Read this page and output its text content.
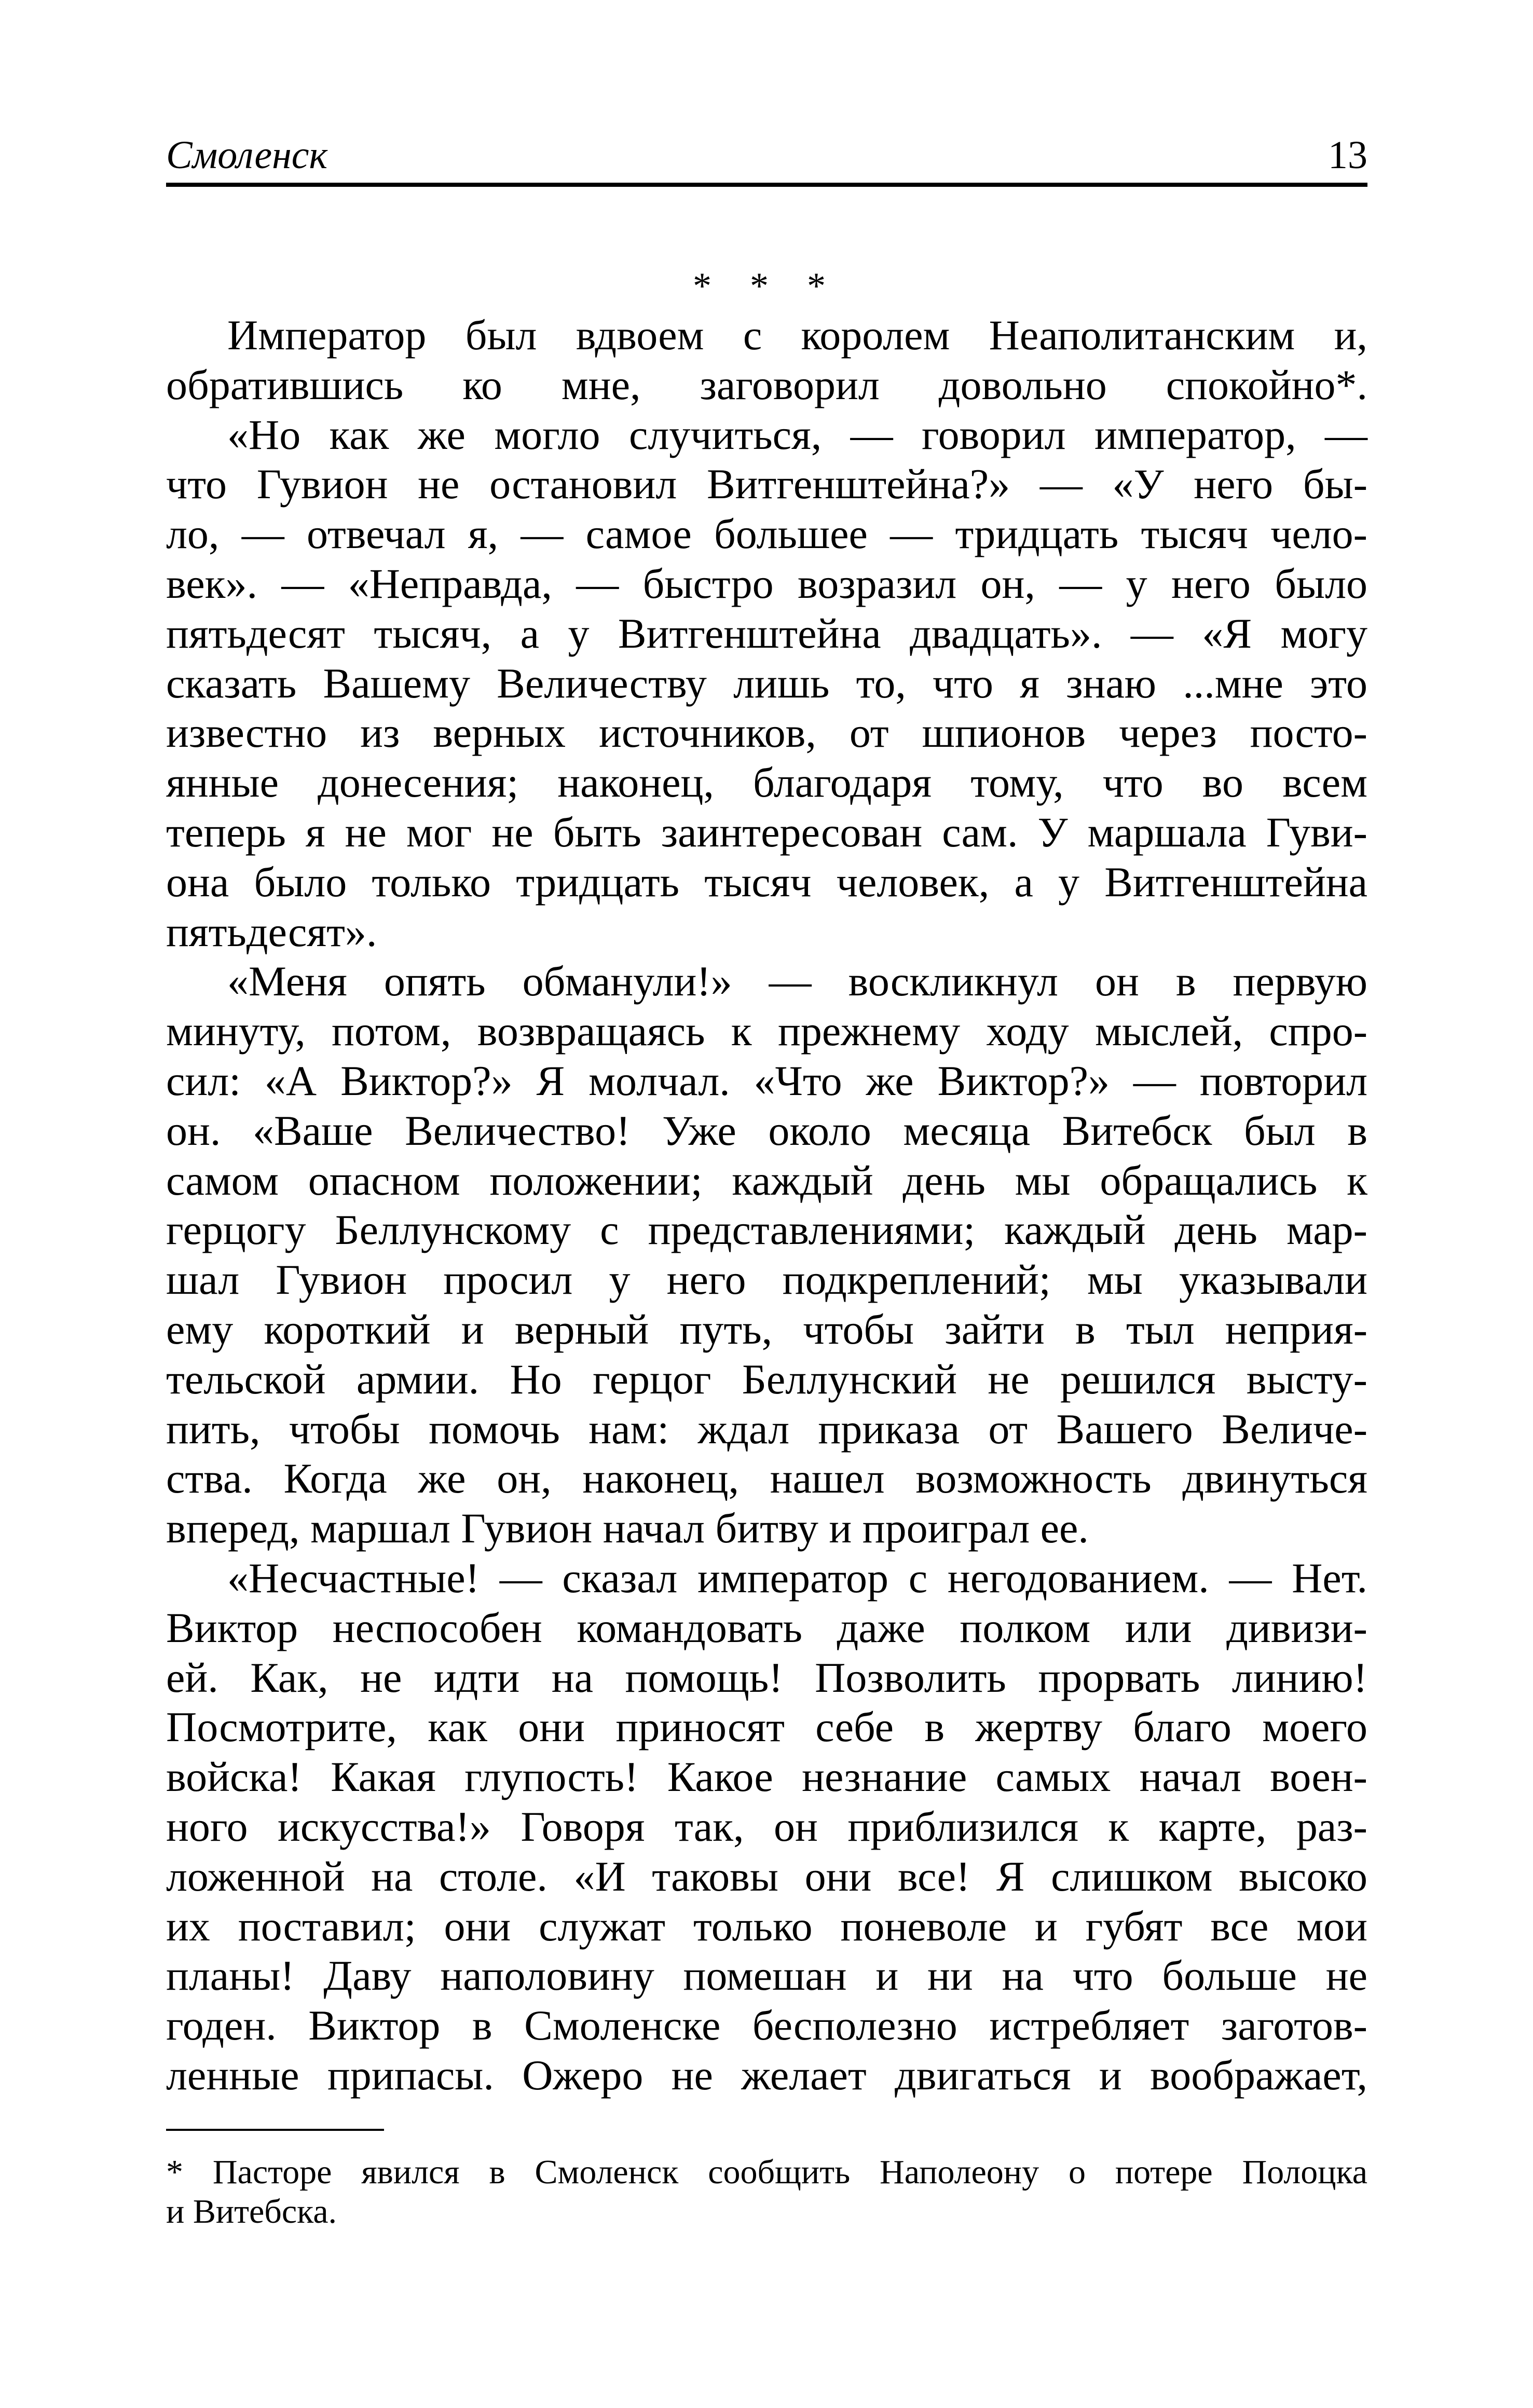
Смоленск	13
* * *
Император был вдвоем с королем Неаполитанским и,
обратившись ко мне, заговорил довольно спокойно*.
«Но как же могло случиться, — говорил император, —
что Гувион не остановил Витгенштейна?» — «У него бы-
ло, — отвечал я, — самое большее — тридцать тысяч чело-
век». — «Неправда, — быстро возразил он, — у него было
пятьдесят тысяч, а у Витгенштейна двадцать». — «Я могу
сказать Вашему Величеству лишь то, что я знаю ...мне это
известно из верных источников, от шпионов через посто-
янные донесения; наконец, благодаря тому, что во всем
теперь я не мог не быть заинтересован сам. У маршала Гуви-
она было только тридцать тысяч человек, а у Витгенштейна
пятьдесят».
«Меня опять обманули!» — воскликнул он в первую
минуту, потом, возвращаясь к прежнему ходу мыслей, спро-
сил: «А Виктор?» Я молчал. «Что же Виктор?» — повторил
он. «Ваше Величество! Уже около месяца Витебск был в
самом опасном положении; каждый день мы обращались к
герцогу Беллунскому с представлениями; каждый день мар-
шал Гувион просил у него подкреплений; мы указывали
ему короткий и верный путь, чтобы зайти в тыл неприя-
тельской армии. Но герцог Беллунский не решился высту-
пить, чтобы помочь нам: ждал приказа от Вашего Величе-
ства. Когда же он, наконец, нашел возможность двинуться
вперед, маршал Гувион начал битву и проиграл ее.
«Несчастные! — сказал император с негодованием. — Нет.
Виктор неспособен командовать даже полком или дивизи-
ей. Как, не идти на помощь! Позволить прорвать линию!
Посмотрите, как они приносят себе в жертву благо моего
войска! Какая глупость! Какое незнание самых начал воен-
ного искусства!» Говоря так, он приблизился к карте, раз-
ложенной на столе. «И таковы они все! Я слишком высоко
их поставил; они служат только поневоле и губят все мои
планы! Даву наполовину помешан и ни на что больше не
годен. Виктор в Смоленске бесполезно истребляет заготов-
ленные припасы. Ожеро не желает двигаться и воображает,
* Пасторе явился в Смоленск сообщить Наполеону о потере Полоцка
и Витебска.
